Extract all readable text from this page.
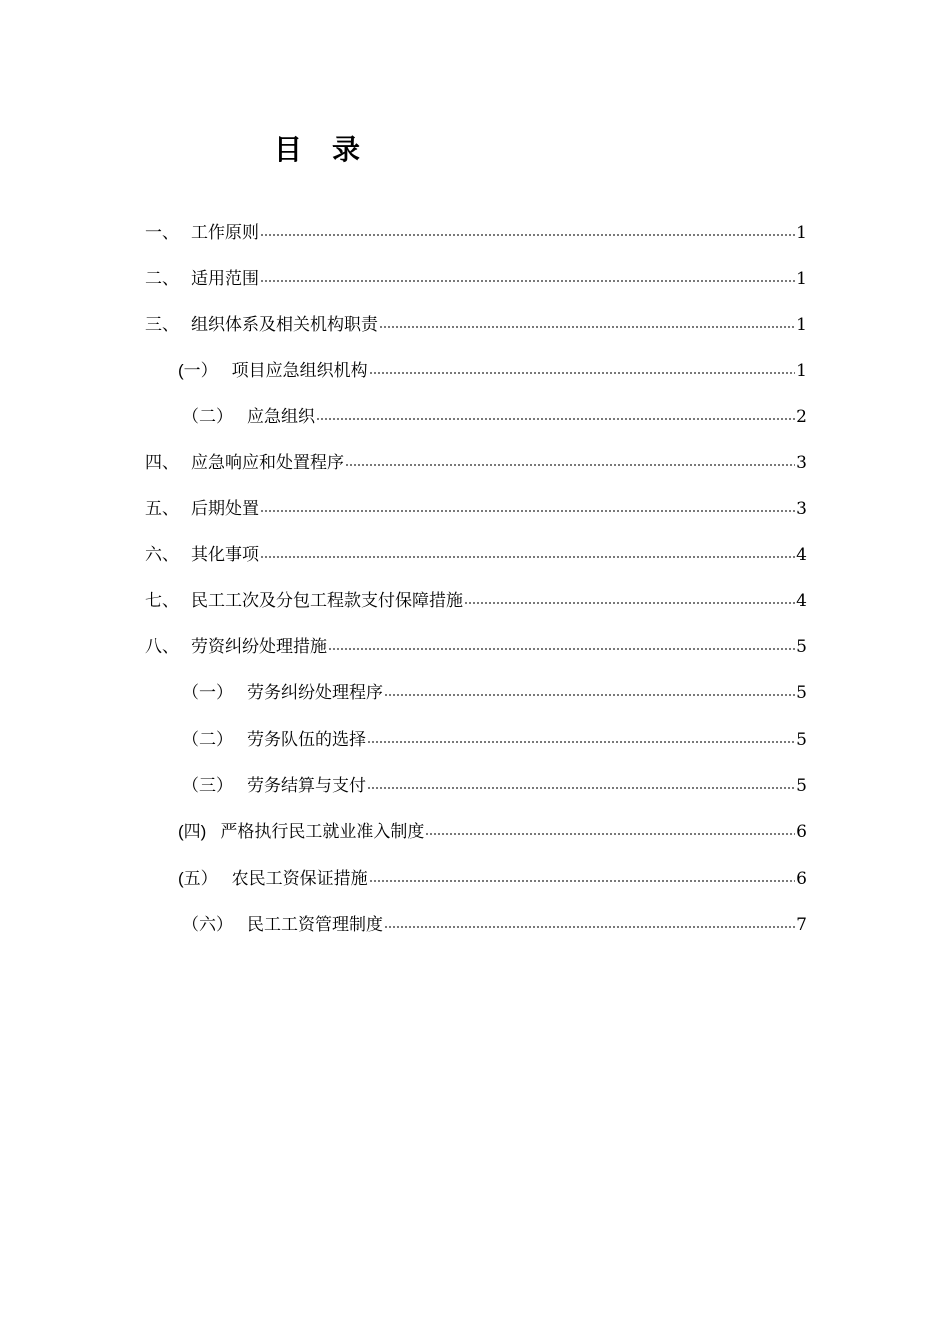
目 录
一、 工作原则	1
二、 适用范围	1
三、 组织体系及相关机构职责	1
(一） 项目应急组织机构	1
（二） 应急组织	2
四、 应急响应和处置程序	3
五、 后期处置	3
六、 其化事项	4
七、 民工工次及分包工程款支付保障措施	4
八、 劳资纠纷处理措施	5
（一） 劳务纠纷处理程序	5
（二） 劳务队伍的选择	5
（三） 劳务结算与支付	5
(四) 严格执行民工就业准入制度	6
(五） 农民工资保证措施	6
（六） 民工工资管理制度	7
